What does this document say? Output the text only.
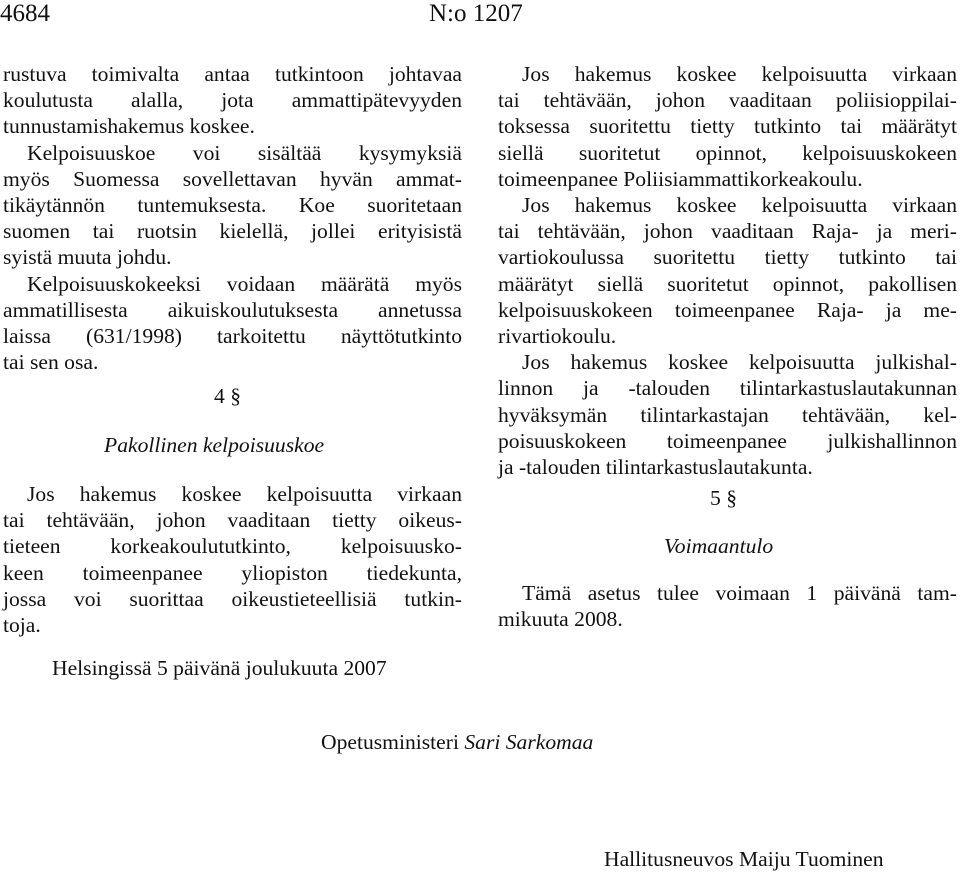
4684	N:o 1207
rustuva toimivalta antaa tutkintoon johtavaa
koulutusta alalla, jota ammattipätevyyden
tunnustamishakemus koskee.
Kelpoisuuskoe voi sisältää kysymyksiä
myös Suomessa sovellettavan hyvän ammat-
tikäytännön tuntemuksesta. Koe suoritetaan
suomen tai ruotsin kielellä, jollei erityisistä
syistä muuta johdu.
Kelpoisuuskokeeksi voidaan määrätä myös
ammatillisesta aikuiskoulutuksesta annetussa
laissa (631/1998) tarkoitettu näyttötutkinto
tai sen osa.
4 §
Pakollinen kelpoisuuskoe
Jos hakemus koskee kelpoisuutta virkaan
tai tehtävään, johon vaaditaan tietty oikeus-
tieteen korkeakoulututkinto, kelpoisuusko-
keen toimeenpanee yliopiston tiedekunta,
jossa voi suorittaa oikeustieteellisiä tutkin-
toja.
Jos hakemus koskee kelpoisuutta virkaan
tai tehtävään, johon vaaditaan poliisioppilai-
toksessa suoritettu tietty tutkinto tai määrätyt
siellä suoritetut opinnot, kelpoisuuskokeen
toimeenpanee Poliisiammattikorkeakoulu.
Jos hakemus koskee kelpoisuutta virkaan
tai tehtävään, johon vaaditaan Raja- ja meri-
vartiokoulussa suoritettu tietty tutkinto tai
määrätyt siellä suoritetut opinnot, pakollisen
kelpoisuuskokeen toimeenpanee Raja- ja me-
rivartiokoulu.
Jos hakemus koskee kelpoisuutta julkishal-
linnon ja -talouden tilintarkastuslautakunnan
hyväksymän tilintarkastajan tehtävään, kel-
poisuuskokeen toimeenpanee julkishallinnon
ja -talouden tilintarkastuslautakunta.
5 §
Voimaantulo
Tämä asetus tulee voimaan 1 päivänä tam-
mikuuta 2008.
Helsingissä 5 päivänä joulukuuta 2007
Opetusministeri Sari Sarkomaa
Hallitusneuvos Maiju Tuominen
